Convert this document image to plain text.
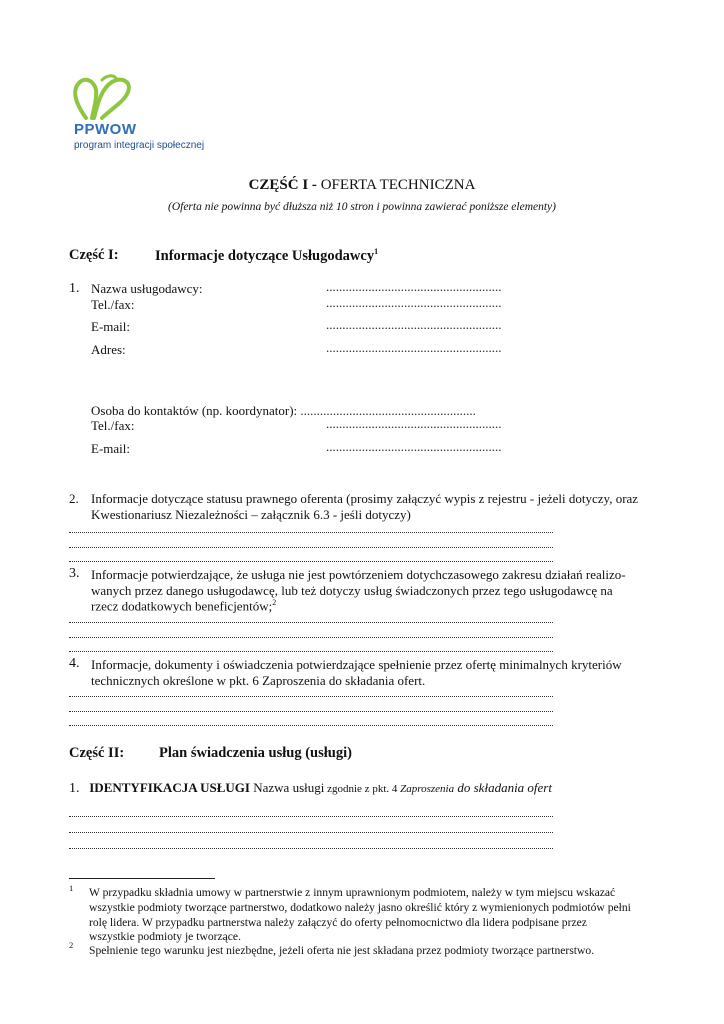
PPWOW
program integracji społecznej
CZĘŚĆ I - OFERTA TECHNICZNA
(Oferta nie powinna być dłuższa niż 10 stron i powinna zawierać poniższe elementy)
Część I:	Informacje dotyczące Usługodawcy$^1$
1. Nazwa usługodawcy:	......................................................
Tel./fax:	......................................................
E-mail:	......................................................
Adres:	......................................................
Osoba do kontaktów (np. koordynator): ......................................................
Tel./fax:	......................................................
E-mail:	......................................................
2. Informacje dotyczące statusu prawnego oferenta (prosimy załączyć wypis z rejestru - jeżeli dotyczy, oraz
Kwestionariusz Niezależności – załącznik 6.3 - jeśli dotyczy)
3. Informacje potwierdzające, że usługa nie jest powtórzeniem dotychczasowego zakresu działań realizo-
wanych przez danego usługodawcę, lub też dotyczy usług świadczonych przez tego usługodawcę na
rzecz dodatkowych beneficjentów;$^2$
4. Informacje, dokumenty i oświadczenia potwierdzające spełnienie przez ofertę minimalnych kryteriów
technicznych określone w pkt. 6 Zaproszenia do składania ofert.
Część II: Plan świadczenia usług (usługi)
1. IDENTYFIKACJA USŁUGI Nazwa usługi zgodnie z pkt. 4 Zaproszenia do składania ofert
1 W przypadku składnia umowy w partnerstwie z innym uprawnionym podmiotem, należy w tym miejscu wskazać
wszystkie podmioty tworzące partnerstwo, dodatkowo należy jasno określić który z wymienionych podmiotów pełni
rolę lidera. W przypadku partnerstwa należy załączyć do oferty pełnomocnictwo dla lidera podpisane przez
wszystkie podmioty je tworzące.
2 Spełnienie tego warunku jest niezbędne, jeżeli oferta nie jest składana przez podmioty tworzące partnerstwo.
